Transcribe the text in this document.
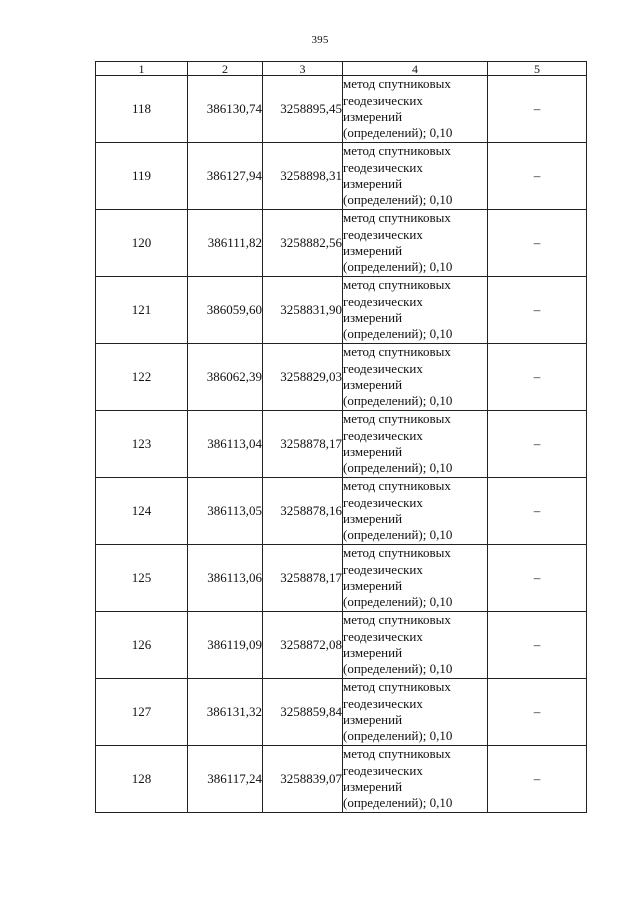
395
1	2	3	4	5
118	386130,74	3258895,45	метод спутниковых
геодезических
измерений
(определений); 0,10	–
119	386127,94	3258898,31	метод спутниковых
геодезических
измерений
(определений); 0,10	–
120	386111,82	3258882,56	метод спутниковых
геодезических
измерений
(определений); 0,10	–
121	386059,60	3258831,90	метод спутниковых
геодезических
измерений
(определений); 0,10	–
122	386062,39	3258829,03	метод спутниковых
геодезических
измерений
(определений); 0,10	–
123	386113,04	3258878,17	метод спутниковых
геодезических
измерений
(определений); 0,10	–
124	386113,05	3258878,16	метод спутниковых
геодезических
измерений
(определений); 0,10	–
125	386113,06	3258878,17	метод спутниковых
геодезических
измерений
(определений); 0,10	–
126	386119,09	3258872,08	метод спутниковых
геодезических
измерений
(определений); 0,10	–
127	386131,32	3258859,84	метод спутниковых
геодезических
измерений
(определений); 0,10	–
128	386117,24	3258839,07	метод спутниковых
геодезических
измерений
(определений); 0,10	–
